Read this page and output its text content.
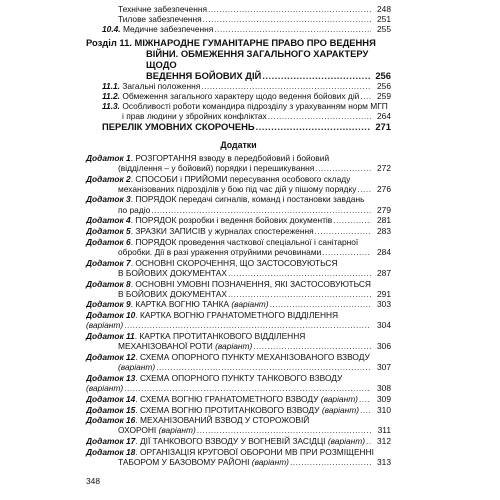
Технічне забезпечення .....	248
Тилове забезпечення .....	251
10.4. Медичне забезпечення .....	255
Розділ 11. МІЖНАРОДНЕ ГУМАНІТАРНЕ ПРАВО ПРО ВЕДЕННЯ
ВІЙНИ. ОБМЕЖЕННЯ ЗАГАЛЬНОГО ХАРАКТЕРУ ЩОДО
ВЕДЕННЯ БОЙОВИХ ДІЙ .....	256
11.1. Загальні положення .....	256
11.2. Обмеження загального характеру щодо ведення бойових дій .....	259
11.3. Особливості роботи командира підрозділу з урахуванням норм МГП
і прав людини у збройних конфліктах .....	264
ПЕРЕЛІК УМОВНИХ СКОРОЧЕНЬ .....	271
Додатки
Додаток 1. РОЗГОРТАННЯ взводу в передбойовий і бойовий
(відділення – у бойовий) порядки і перешикування .....	272
Додаток 2. СПОСОБИ і ПРИЙОМИ пересування особового складу
механізованих підрозділів у бою під час дій у пішому порядку .....	276
Додаток 3. ПОРЯДОК передачі сигналів, команд і постановки завдань
по радіо .....	279
Додаток 4. ПОРЯДОК розробки і ведення бойових документів .....	281
Додаток 5. ЗРАЗКИ ЗАПИСІВ у журналах спостереження .....	283
Додаток 6. ПОРЯДОК проведення часткової спеціальної і санітарної
обробки. Дії в разі ураження отруйними речовинами .....	284
Додаток 7. ОСНОВНІ СКОРОЧЕННЯ, ЩО ЗАСТОСОВУЮТЬСЯ
В БОЙОВИХ ДОКУМЕНТАХ .....	287
Додаток 8. ОСНОВНІ УМОВНІ ПОЗНАЧЕННЯ, ЯКІ ЗАСТОСОВУЮТЬСЯ
В БОЙОВИХ ДОКУМЕНТАХ .....	291
Додаток 9. КАРТКА ВОГНЮ ТАНКА (варіант) .....	303
Додаток 10. КАРТКА ВОГНЮ ГРАНАТОМЕТНОГО ВІДДІЛЕННЯ (варіант) .....	304
Додаток 11. КАРТКА ПРОТИТАНКОВОГО ВІДДІЛЕННЯ
МЕХАНІЗОВАНОЇ РОТИ (варіант) .....	306
Додаток 12. СХЕМА ОПОРНОГО ПУНКТУ МЕХАНІЗОВАНОГО ВЗВОДУ
(варіант) .....	307
Додаток 13. СХЕМА ОПОРНОГО ПУНКТУ ТАНКОВОГО ВЗВОДУ (варіант) .....	308
Додаток 14. СХЕМА ВОГНЮ ГРАНАТОМЕТНОГО ВЗВОДУ (варіант) .....	309
Додаток 15. СХЕМА ВОГНЮ ПРОТИТАНКОВОГО ВЗВОДУ (варіант) .....	310
Додаток 16. МЕХАНІЗОВАНИЙ ВЗВОД У СТОРОЖОВІЙ
ОХОРОНІ (варіант) .....	311
Додаток 17. ДІЇ ТАНКОВОГО ВЗВОДУ У ВОГНЕВІЙ ЗАСІДЦІ (варіант) .....	312
Додаток 18. ОРГАНІЗАЦІЯ КРУГОВОЇ ОБОРОНИ МВ ПРИ РОЗМІЩЕННІ
ТАБОРОМ У БАЗОВОМУ РАЙОНІ (варіант) .....	313
348
